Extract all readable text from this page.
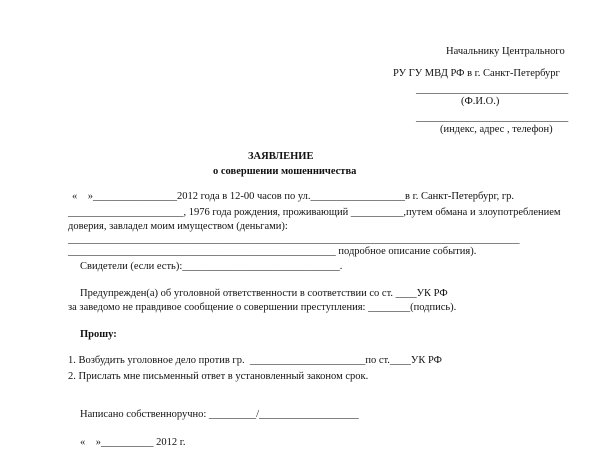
Начальнику Центрального
РУ ГУ МВД РФ в г. Санкт-Петербург
_____________________________
(Ф.И.О.)
_____________________________
(индекс, адрес , телефон)
ЗАЯВЛЕНИЕ
о совершении мошенничества
«    »________________2012 года в 12-00 часов по ул.__________________в г. Санкт-Петербург, гр.
______________________, 1976 года рождения, проживающий __________,путем обмана и злоупотреблением
доверия, завладел моим имуществом (деньгами):
______________________________________________________________________________________
___________________________________________________ подробное описание события).
Свидетели (если есть):______________________________.
Предупрежден(а) об уголовной ответственности в соответствии со ст. ____УК РФ
за заведомо не правдивое сообщение о совершении преступления: ________(подпись).
Прошу:
1. Возбудить уголовное дело против гр.  ______________________по ст.____УК РФ
2. Прислать мне письменный ответ в установленный законом срок.
Написано собственноручно: _________/___________________
«    »__________ 2012 г.
